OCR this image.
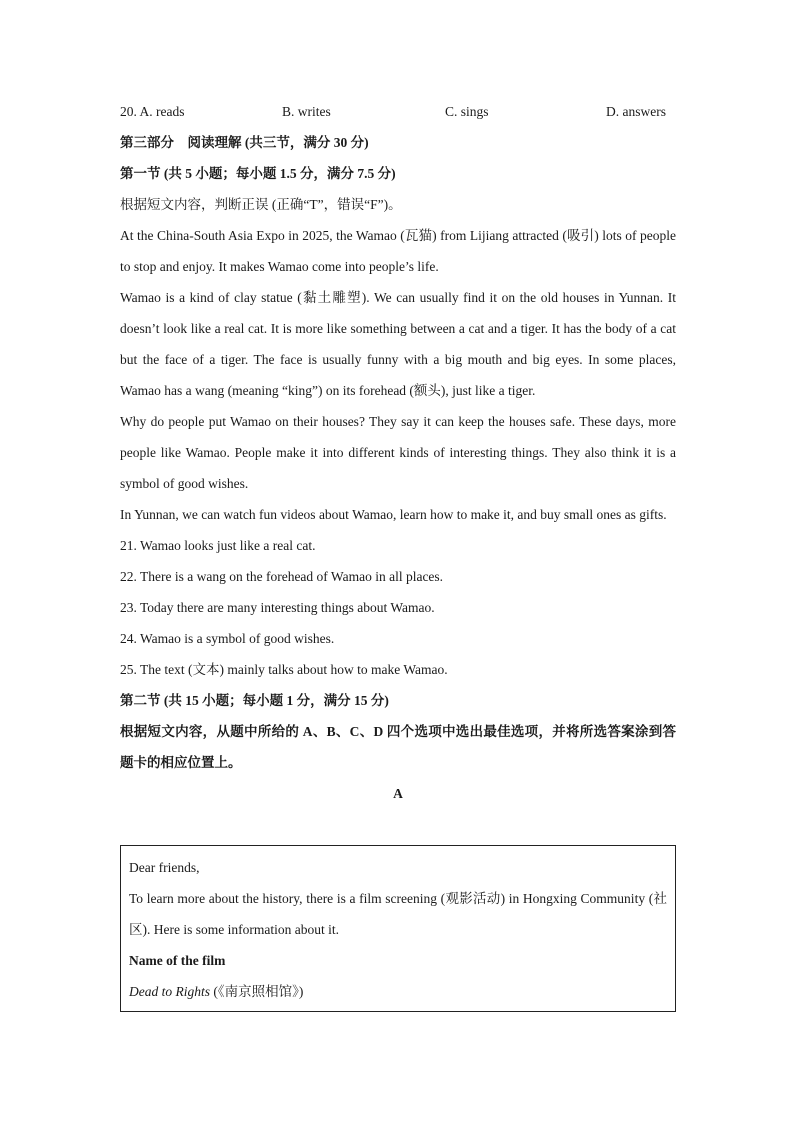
20. A. reads	B. writes	C. sings	D. answers
第三部分　阅读理解 (共三节，满分 30 分)
第一节 (共 5 小题；每小题 1.5 分，满分 7.5 分)
根据短文内容，判断正误 (正确“T”，错误“F”)。
At the China-South Asia Expo in 2025, the Wamao (瓦猫) from Lijiang attracted (吸引) lots of people to stop and enjoy. It makes Wamao come into people’s life.
Wamao is a kind of clay statue (黏土雕塑). We can usually find it on the old houses in Yunnan. It doesn’t look like a real cat. It is more like something between a cat and a tiger. It has the body of a cat but the face of a tiger. The face is usually funny with a big mouth and big eyes. In some places, Wamao has a wang (meaning “king”) on its forehead (额头), just like a tiger.
Why do people put Wamao on their houses? They say it can keep the houses safe. These days, more people like Wamao. People make it into different kinds of interesting things. They also think it is a symbol of good wishes.
In Yunnan, we can watch fun videos about Wamao, learn how to make it, and buy small ones as gifts.
21. Wamao looks just like a real cat.
22. There is a wang on the forehead of Wamao in all places.
23. Today there are many interesting things about Wamao.
24. Wamao is a symbol of good wishes.
25. The text (文本) mainly talks about how to make Wamao.
第二节 (共 15 小题；每小题 1 分，满分 15 分)
根据短文内容，从题中所给的 A、B、C、D 四个选项中选出最佳选项，并将所选答案涂到答题卡的相应位置上。
A
Dear friends,
To learn more about the history, there is a film screening (观影活动) in Hongxing Community (社区). Here is some information about it.
Name of the film
Dead to Rights (《南京照相馆》)
